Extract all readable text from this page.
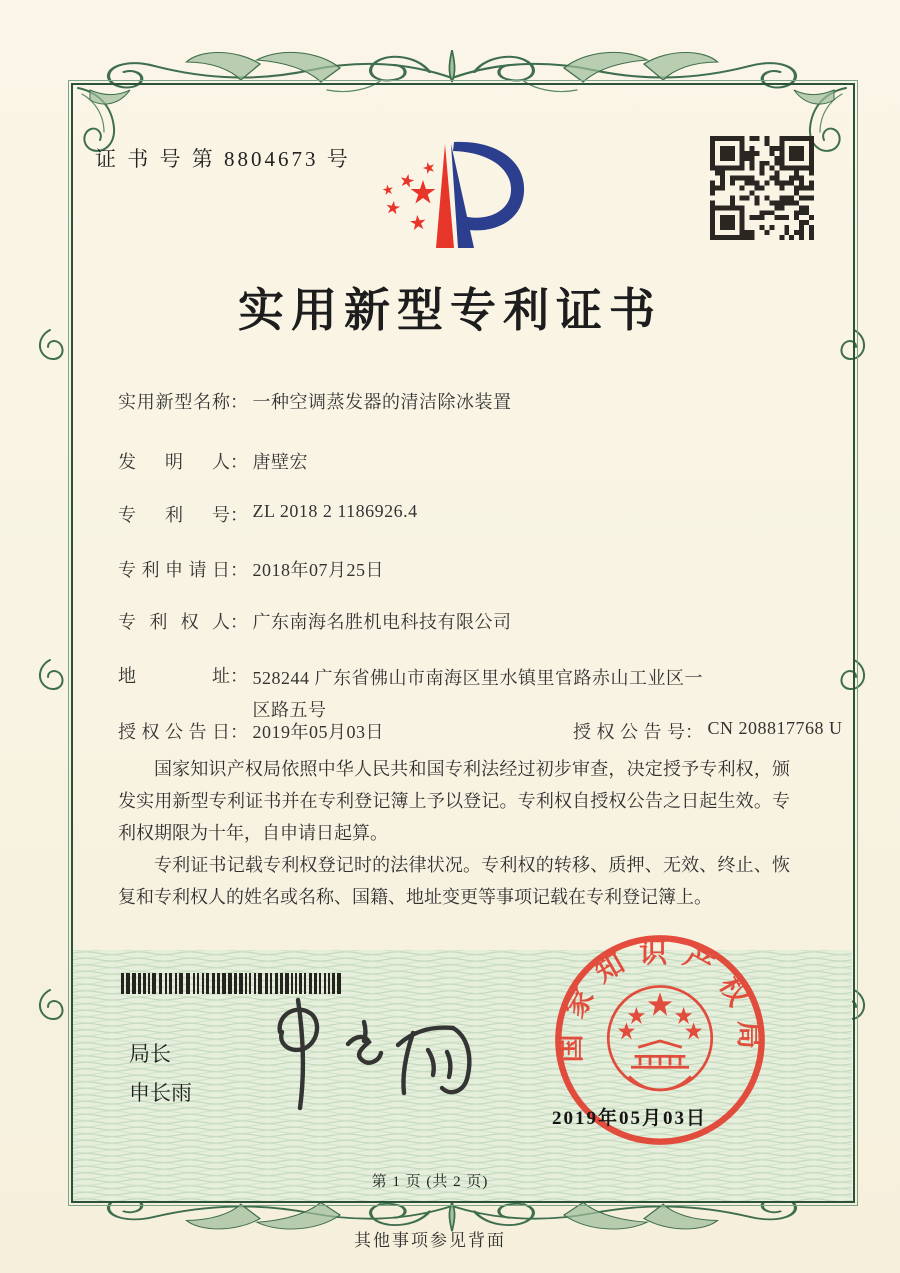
证 书 号 第 8804673 号
实用新型专利证书
实用新型名称： 一种空调蒸发器的清洁除冰装置
发明人： 唐壁宏
专利号： ZL 2018 2 1186926.4
专利申请日： 2018年07月25日
专利权人： 广东南海名胜机电科技有限公司
地址： 528244 广东省佛山市南海区里水镇里官路赤山工业区一
区路五号
授权公告日： 2019年05月03日	授权公告号： CN 208817768 U

国家知识产权局依照中华人民共和国专利法经过初步审查，决定授予专利权，颁发实用新型专利证书并在专利登记簿上予以登记。专利权自授权公告之日起生效。专利权期限为十年，自申请日起算。

专利证书记载专利权登记时的法律状况。专利权的转移、质押、无效、终止、恢复和专利权人的姓名或名称、国籍、地址变更等事项记载在专利登记簿上。

局长
申长雨
国家知识产权局
2019年05月03日
第 1 页 (共 2 页)
其他事项参见背面
